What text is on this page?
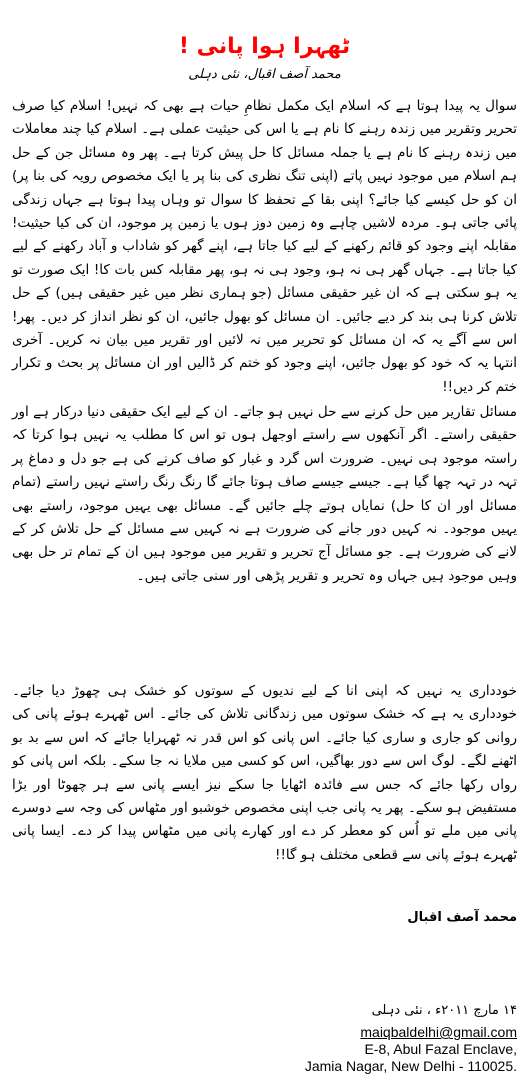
ٹھہرا ہوا پانی !
محمد آصف اقبال، نئی دہلی

سوال یہ پیدا ہوتا ہے کہ اسلام ایک مکمل نظامِ حیات ہے بھی کہ نہیں! اسلام کیا صرف تحریر وتقریر میں زندہ رہنے کا نام ہے یا اس کی حیثیت عملی ہے۔ اسلام کیا چند معاملات میں زندہ رہنے کا نام ہے یا جملہ مسائل کا حل پیش کرتا ہے۔ پھر وہ مسائل جن کے حل ہم اسلام میں موجود نہیں پاتے (اپنی تنگ نظری کی بنا پر یا ایک مخصوص رویہ کی بنا پر) ان کو حل کیسے کیا جائے؟ اپنی بقا کے تحفظ کا سوال تو وہاں پیدا ہوتا ہے جہاں زندگی پائی جاتی ہو۔ مردہ لاشیں چاہے وہ زمین دوز ہوں یا زمین پر موجود، ان کی کیا حیثیت! مقابلہ اپنے وجود کو قائم رکھنے کے لیے کیا جاتا ہے، اپنے گھر کو شاداب و آباد رکھنے کے لیے کیا جاتا ہے۔ جہاں گھر ہی نہ ہو، وجود ہی نہ ہو، پھر مقابلہ کس بات کا! ایک صورت تو یہ ہو سکتی ہے کہ ان غیر حقیقی مسائل (جو ہماری نظر میں غیر حقیقی ہیں) کے حل تلاش کرنا ہی بند کر دیے جائیں۔ ان مسائل کو بھول جائیں، ان کو نظر انداز کر دیں۔ پھر! اس سے آگے یہ کہ ان مسائل کو تحریر میں نہ لائیں اور تقریر میں بیان نہ کریں۔ آخری انتہا یہ کہ خود کو بھول جائیں، اپنے وجود کو ختم کر ڈالیں اور ان مسائل پر بحث و تکرار ختم کر دیں!!

مسائل تقاریر میں حل کرنے سے حل نہیں ہو جاتے۔ ان کے لیے ایک حقیقی دنیا درکار ہے اور حقیقی راستے۔ اگر آنکھوں سے راستے اوجھل ہوں تو اس کا مطلب یہ نہیں ہوا کرتا کہ راستہ موجود ہی نہیں۔ ضرورت اس گرد و غبار کو صاف کرنے کی ہے جو دل و دماغ پر تہہ در تہہ چھا گیا ہے۔ جیسے جیسے صاف ہوتا جائے گا رنگ رنگ راستے نہیں راستے (تمام مسائل اور ان کا حل) نمایاں ہوتے چلے جائیں گے۔ مسائل بھی یہیں موجود، راستے بھی یہیں موجود۔ نہ کہیں دور جانے کی ضرورت ہے نہ کہیں سے مسائل کے حل تلاش کر کے لانے کی ضرورت ہے۔ جو مسائل آج تحریر و تقریر میں موجود ہیں ان کے تمام تر حل بھی وہیں موجود ہیں جہاں وہ تحریر و تقریر پڑھی اور سنی جاتی ہیں۔

خودداری یہ نہیں کہ اپنی انا کے لیے ندیوں کے سوتوں کو خشک ہی چھوڑ دیا جائے۔ خودداری یہ ہے کہ خشک سوتوں میں زندگانی تلاش کی جائے۔ اس ٹھہرے ہوئے پانی کی روانی کو جاری و ساری کیا جائے۔ اس پانی کو اس قدر نہ ٹھہرایا جائے کہ اس سے بد بو اٹھنے لگے۔ لوگ اس سے دور بھاگیں، اس کو کسی میں ملایا نہ جا سکے۔ بلکہ اس پانی کو رواں رکھا جائے کہ جس سے فائدہ اٹھایا جا سکے نیز ایسے پانی سے ہر چھوٹا اور بڑا مستفیض ہو سکے۔ پھر یہ پانی جب اپنی مخصوص خوشبو اور مٹھاس کی وجہ سے دوسرے پانی میں ملے تو اُس کو معطر کر دے اور کھارے پانی میں مٹھاس پیدا کر دے۔ ایسا پانی ٹھہرے ہوئے پانی سے قطعی مختلف ہو گا!!

محمد آصف اقبال
۱۴ مارچ ۲۰۱۱ء ، نئی دہلی
maiqbaldelhi@gmail.com
E-8, Abul Fazal Enclave,
Jamia Nagar, New Delhi - 110025.
